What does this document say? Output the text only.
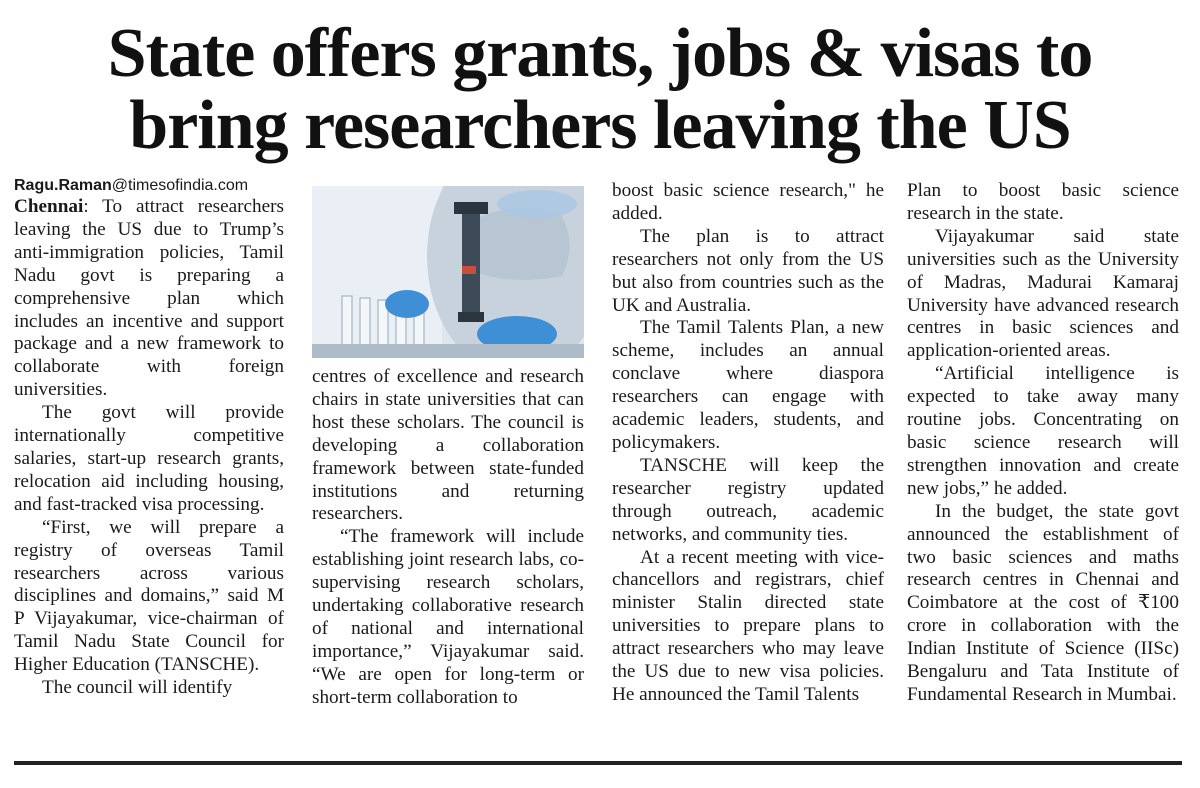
State offers grants, jobs & visas to
bring researchers leaving the US

Ragu.Raman@timesofindia.com

Chennai: To attract researchers leaving the US due to Trump’s anti-immigration policies, Tamil Nadu govt is preparing a comprehensive plan which includes an incentive and support package and a new framework to collaborate with foreign universities.

The govt will provide internationally competitive salaries, start-up research grants, relocation aid including housing, and fast-tracked visa processing.

“First, we will prepare a registry of overseas Tamil researchers across various disciplines and domains,” said M P Vijayakumar, vice-chairman of Tamil Nadu State Council for Higher Education (TANSCHE).

The council will identify

centres of excellence and research chairs in state universities that can host these scholars. The council is developing a collaboration framework between state-funded institutions and returning researchers.

“The framework will include establishing joint research labs, co-supervising research scholars, undertaking collaborative research of national and international importance,” Vijayakumar said. “We are open for long-term or short-term collaboration to

boost basic science research," he added.

The plan is to attract researchers not only from the US but also from countries such as the UK and Australia.

The Tamil Talents Plan, a new scheme, includes an annual conclave where diaspora researchers can engage with academic leaders, students, and policymakers.

TANSCHE will keep the researcher registry updated through outreach, academic networks, and community ties.

At a recent meeting with vice-chancellors and registrars, chief minister Stalin directed state universities to prepare plans to attract researchers who may leave the US due to new visa policies. He announced the Tamil Talents

Plan to boost basic science research in the state.

Vijayakumar said state universities such as the University of Madras, Madurai Kamaraj University have advanced research centres in basic sciences and application-oriented areas.

“Artificial intelligence is expected to take away many routine jobs. Concentrating on basic science research will strengthen innovation and create new jobs,” he added.

In the budget, the state govt announced the establishment of two basic sciences and maths research centres in Chennai and Coimbatore at the cost of ₹100 crore in collaboration with the Indian Institute of Science (IISc) Bengaluru and Tata Institute of Fundamental Research in Mumbai.
